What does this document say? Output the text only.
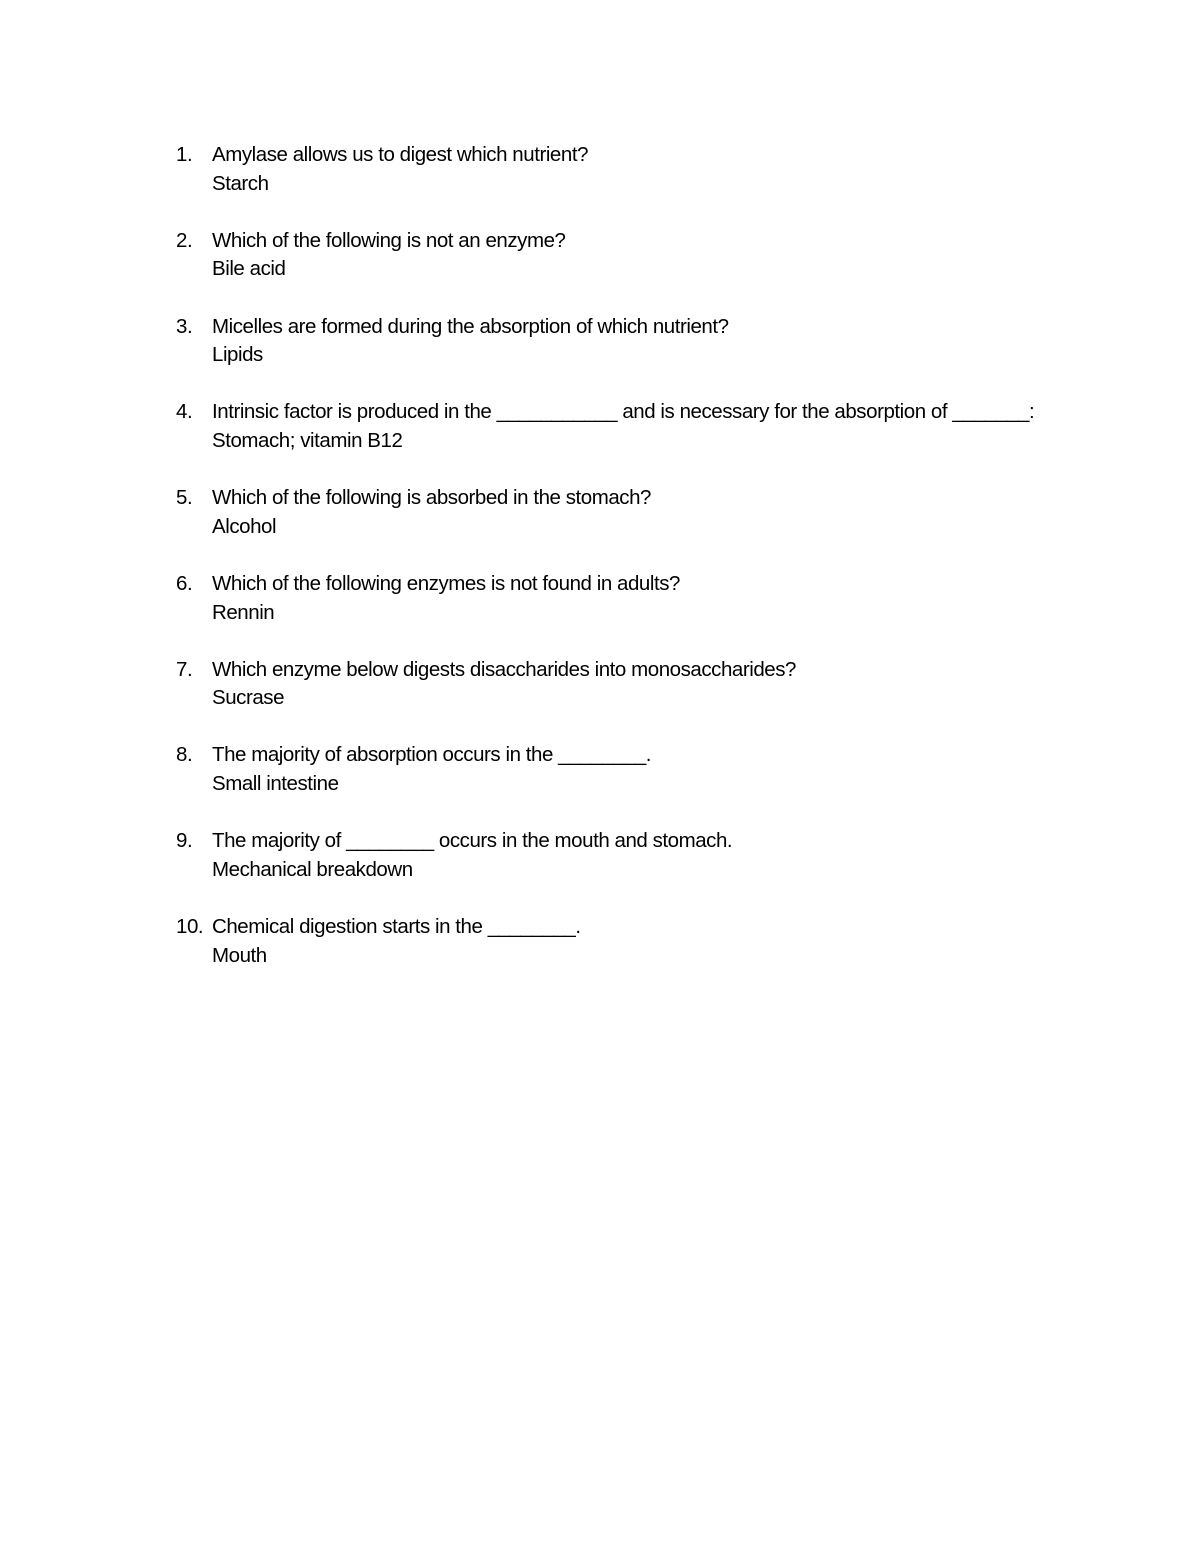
1. Amylase allows us to digest which nutrient?
Starch
2. Which of the following is not an enzyme?
Bile acid
3. Micelles are formed during the absorption of which nutrient?
Lipids
4. Intrinsic factor is produced in the ___________ and is necessary for the absorption of _______:
Stomach; vitamin B12
5. Which of the following is absorbed in the stomach?
Alcohol
6. Which of the following enzymes is not found in adults?
Rennin
7. Which enzyme below digests disaccharides into monosaccharides?
Sucrase
8. The majority of absorption occurs in the ________.
Small intestine
9. The majority of ________ occurs in the mouth and stomach.
Mechanical breakdown
10. Chemical digestion starts in the ________.
Mouth
